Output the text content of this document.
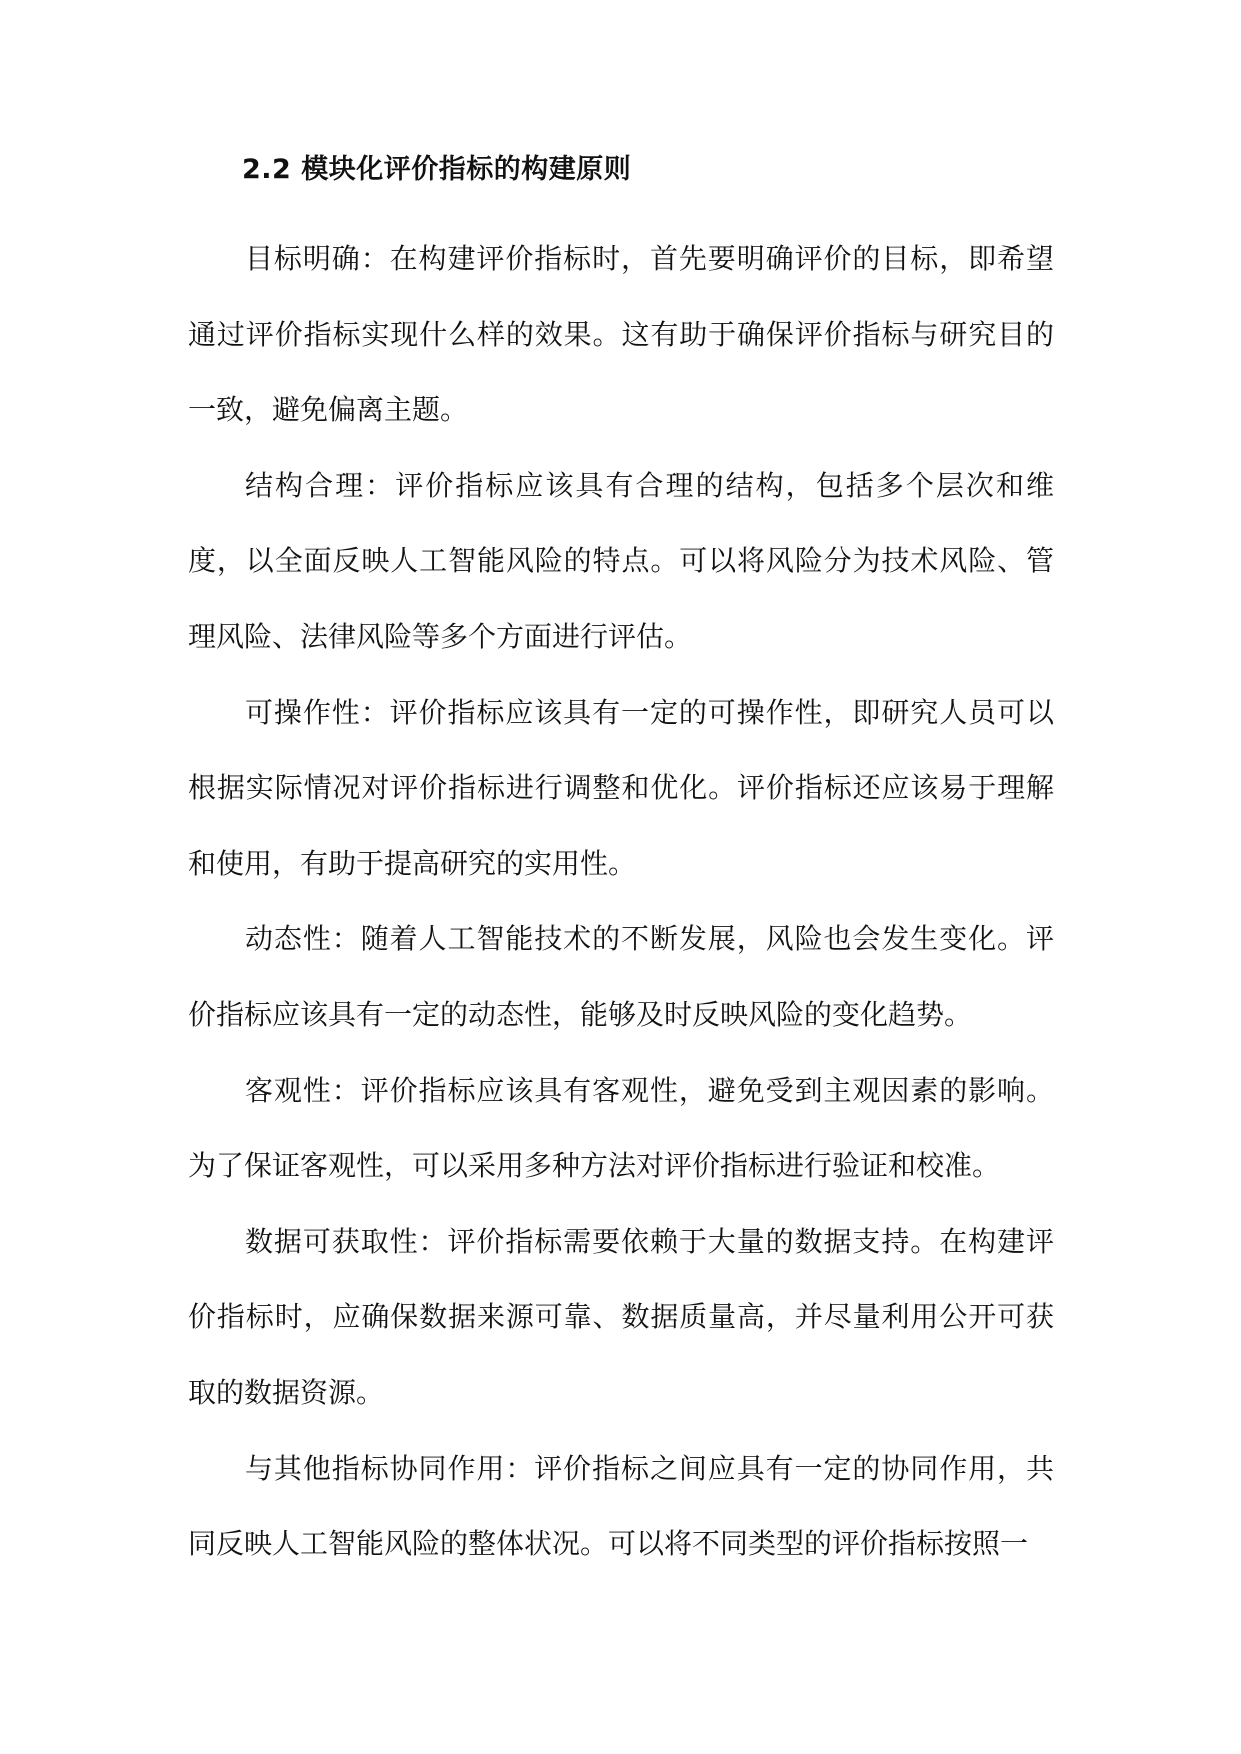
2.2 模块化评价指标的构建原则

目标明确：在构建评价指标时，首先要明确评价的目标，即希望通过评价指标实现什么样的效果。这有助于确保评价指标与研究目的一致，避免偏离主题。

结构合理：评价指标应该具有合理的结构，包括多个层次和维度，以全面反映人工智能风险的特点。可以将风险分为技术风险、管理风险、法律风险等多个方面进行评估。

可操作性：评价指标应该具有一定的可操作性，即研究人员可以根据实际情况对评价指标进行调整和优化。评价指标还应该易于理解和使用，有助于提高研究的实用性。

动态性：随着人工智能技术的不断发展，风险也会发生变化。评价指标应该具有一定的动态性，能够及时反映风险的变化趋势。

客观性：评价指标应该具有客观性，避免受到主观因素的影响。为了保证客观性，可以采用多种方法对评价指标进行验证和校准。

数据可获取性：评价指标需要依赖于大量的数据支持。在构建评价指标时，应确保数据来源可靠、数据质量高，并尽量利用公开可获取的数据资源。

与其他指标协同作用：评价指标之间应具有一定的协同作用，共同反映人工智能风险的整体状况。可以将不同类型的评价指标按照一
